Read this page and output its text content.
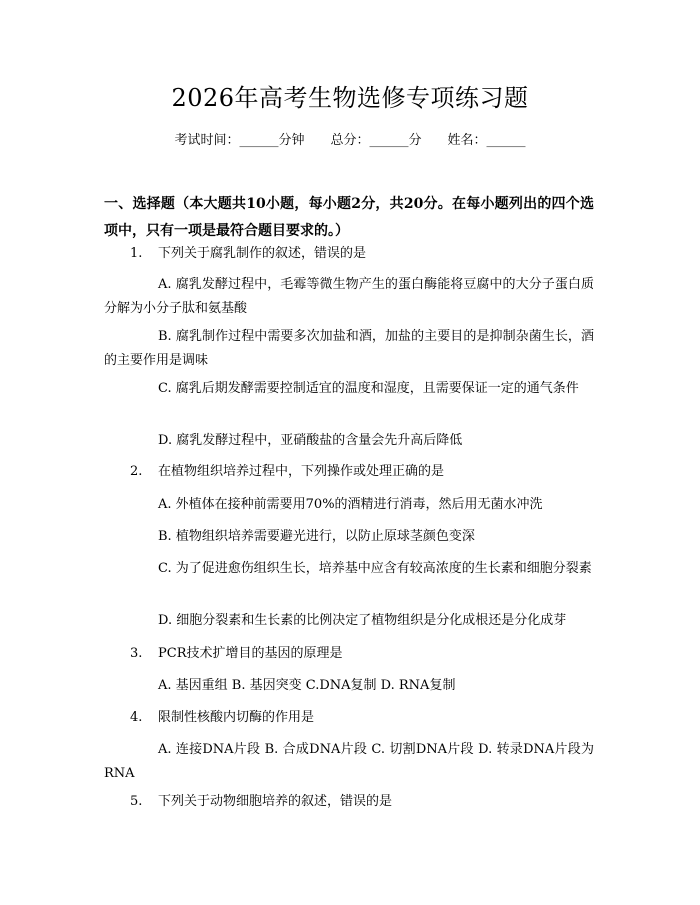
2026年高考生物选修专项练习题
考试时间：______分钟 总分：______分 姓名：______
一、选择题（本大题共10小题，每小题2分，共20分。在每小题列出的四个选项中，只有一项是最符合题目要求的。）
1. 下列关于腐乳制作的叙述，错误的是
A. 腐乳发酵过程中，毛霉等微生物产生的蛋白酶能将豆腐中的大分子蛋白质分解为小分子肽和氨基酸
B. 腐乳制作过程中需要多次加盐和酒，加盐的主要目的是抑制杂菌生长，酒的主要作用是调味
C. 腐乳后期发酵需要控制适宜的温度和湿度，且需要保证一定的通气条件
D. 腐乳发酵过程中，亚硝酸盐的含量会先升高后降低
2. 在植物组织培养过程中，下列操作或处理正确的是
A. 外植体在接种前需要用70%的酒精进行消毒，然后用无菌水冲洗
B. 植物组织培养需要避光进行，以防止原球茎颜色变深
C. 为了促进愈伤组织生长，培养基中应含有较高浓度的生长素和细胞分裂素
D. 细胞分裂素和生长素的比例决定了植物组织是分化成根还是分化成芽
3. PCR技术扩增目的基因的原理是
A. 基因重组 B. 基因突变 C.DNA复制 D. RNA复制
4. 限制性核酸内切酶的作用是
A. 连接DNA片段 B. 合成DNA片段 C. 切割DNA片段 D. 转录DNA片段为RNA
5. 下列关于动物细胞培养的叙述，错误的是
